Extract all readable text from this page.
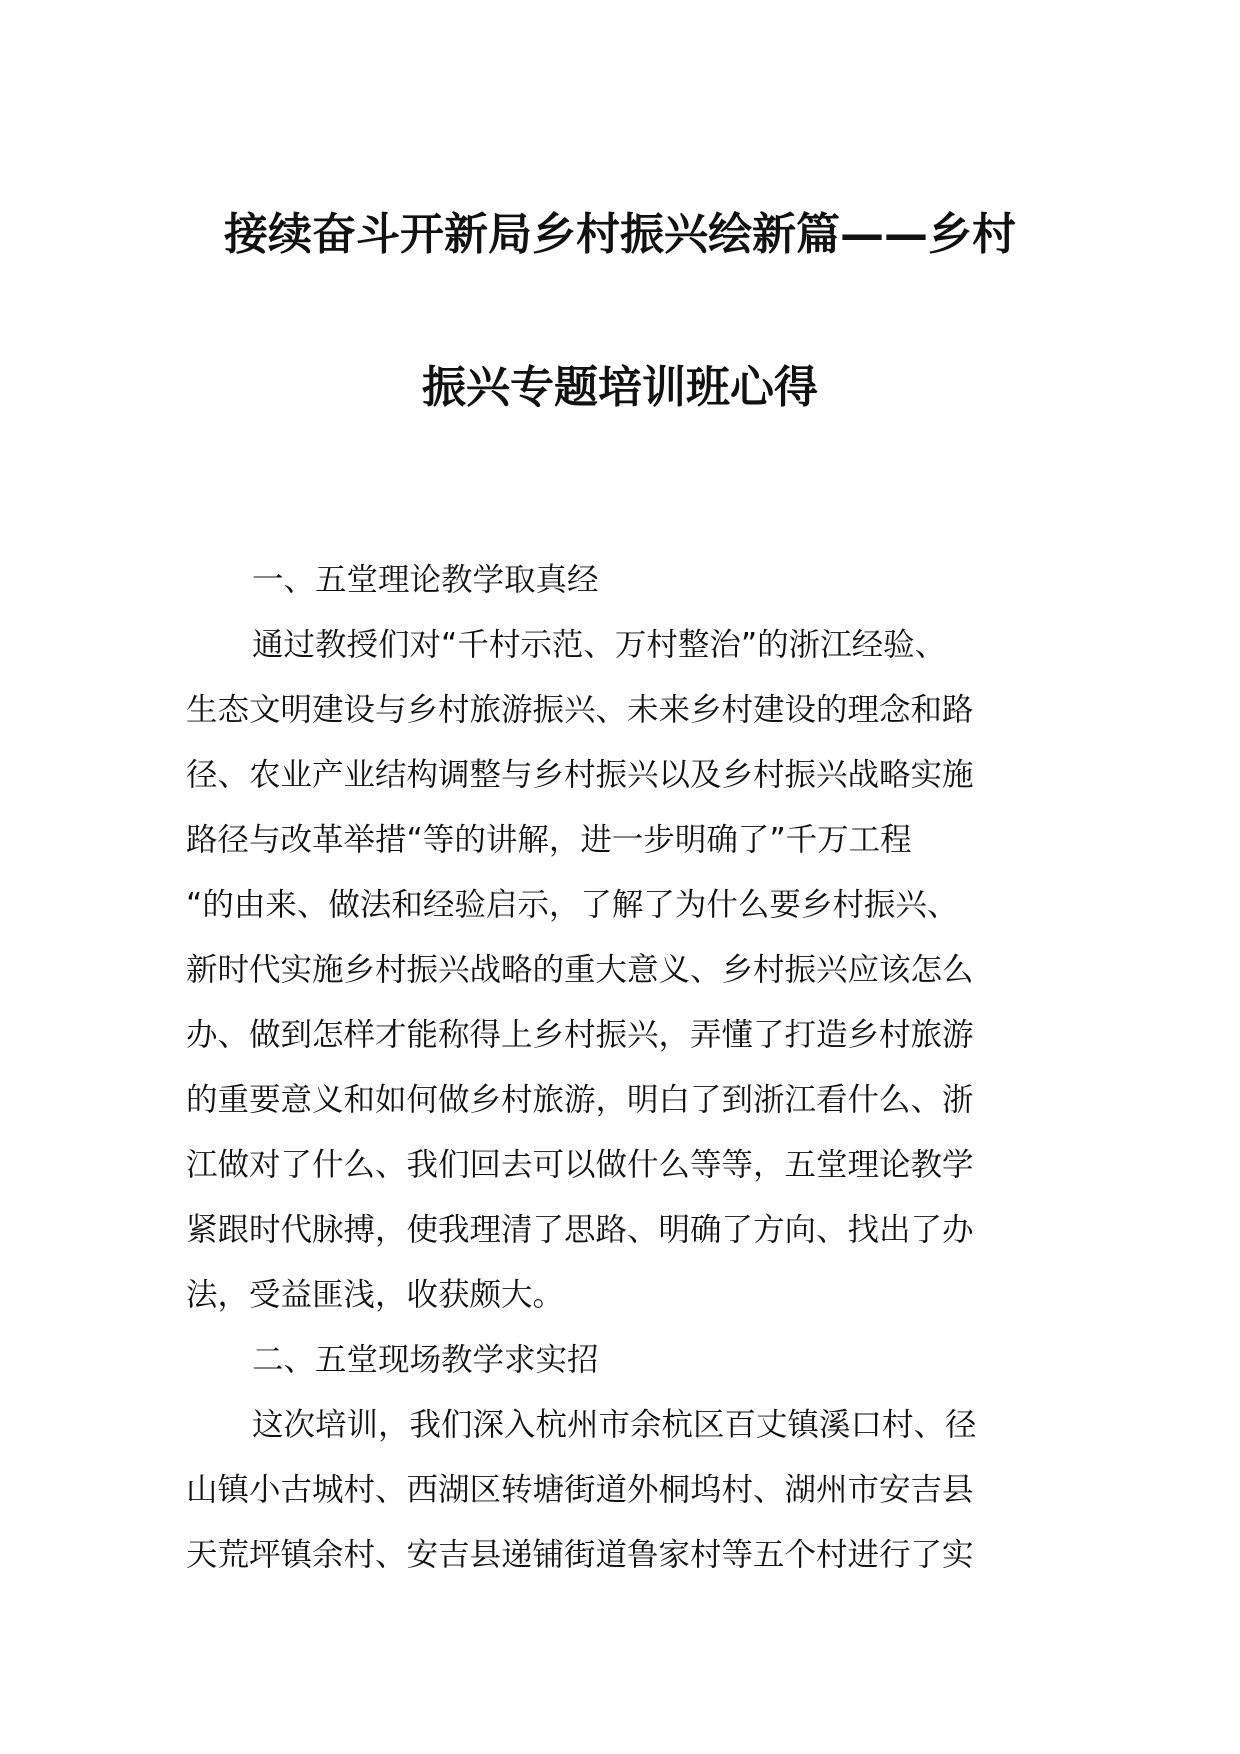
接续奋斗开新局乡村振兴绘新篇——乡村
振兴专题培训班心得
一、五堂理论教学取真经
通过教授们对“千村示范、万村整治”的浙江经验、
生态文明建设与乡村旅游振兴、未来乡村建设的理念和路
径、农业产业结构调整与乡村振兴以及乡村振兴战略实施
路径与改革举措“等的讲解，进一步明确了”千万工程
“的由来、做法和经验启示，了解了为什么要乡村振兴、
新时代实施乡村振兴战略的重大意义、乡村振兴应该怎么
办、做到怎样才能称得上乡村振兴，弄懂了打造乡村旅游
的重要意义和如何做乡村旅游，明白了到浙江看什么、浙
江做对了什么、我们回去可以做什么等等，五堂理论教学
紧跟时代脉搏，使我理清了思路、明确了方向、找出了办
法，受益匪浅，收获颇大。
二、五堂现场教学求实招
这次培训，我们深入杭州市余杭区百丈镇溪口村、径
山镇小古城村、西湖区转塘街道外桐坞村、湖州市安吉县
天荒坪镇余村、安吉县递铺街道鲁家村等五个村进行了实
